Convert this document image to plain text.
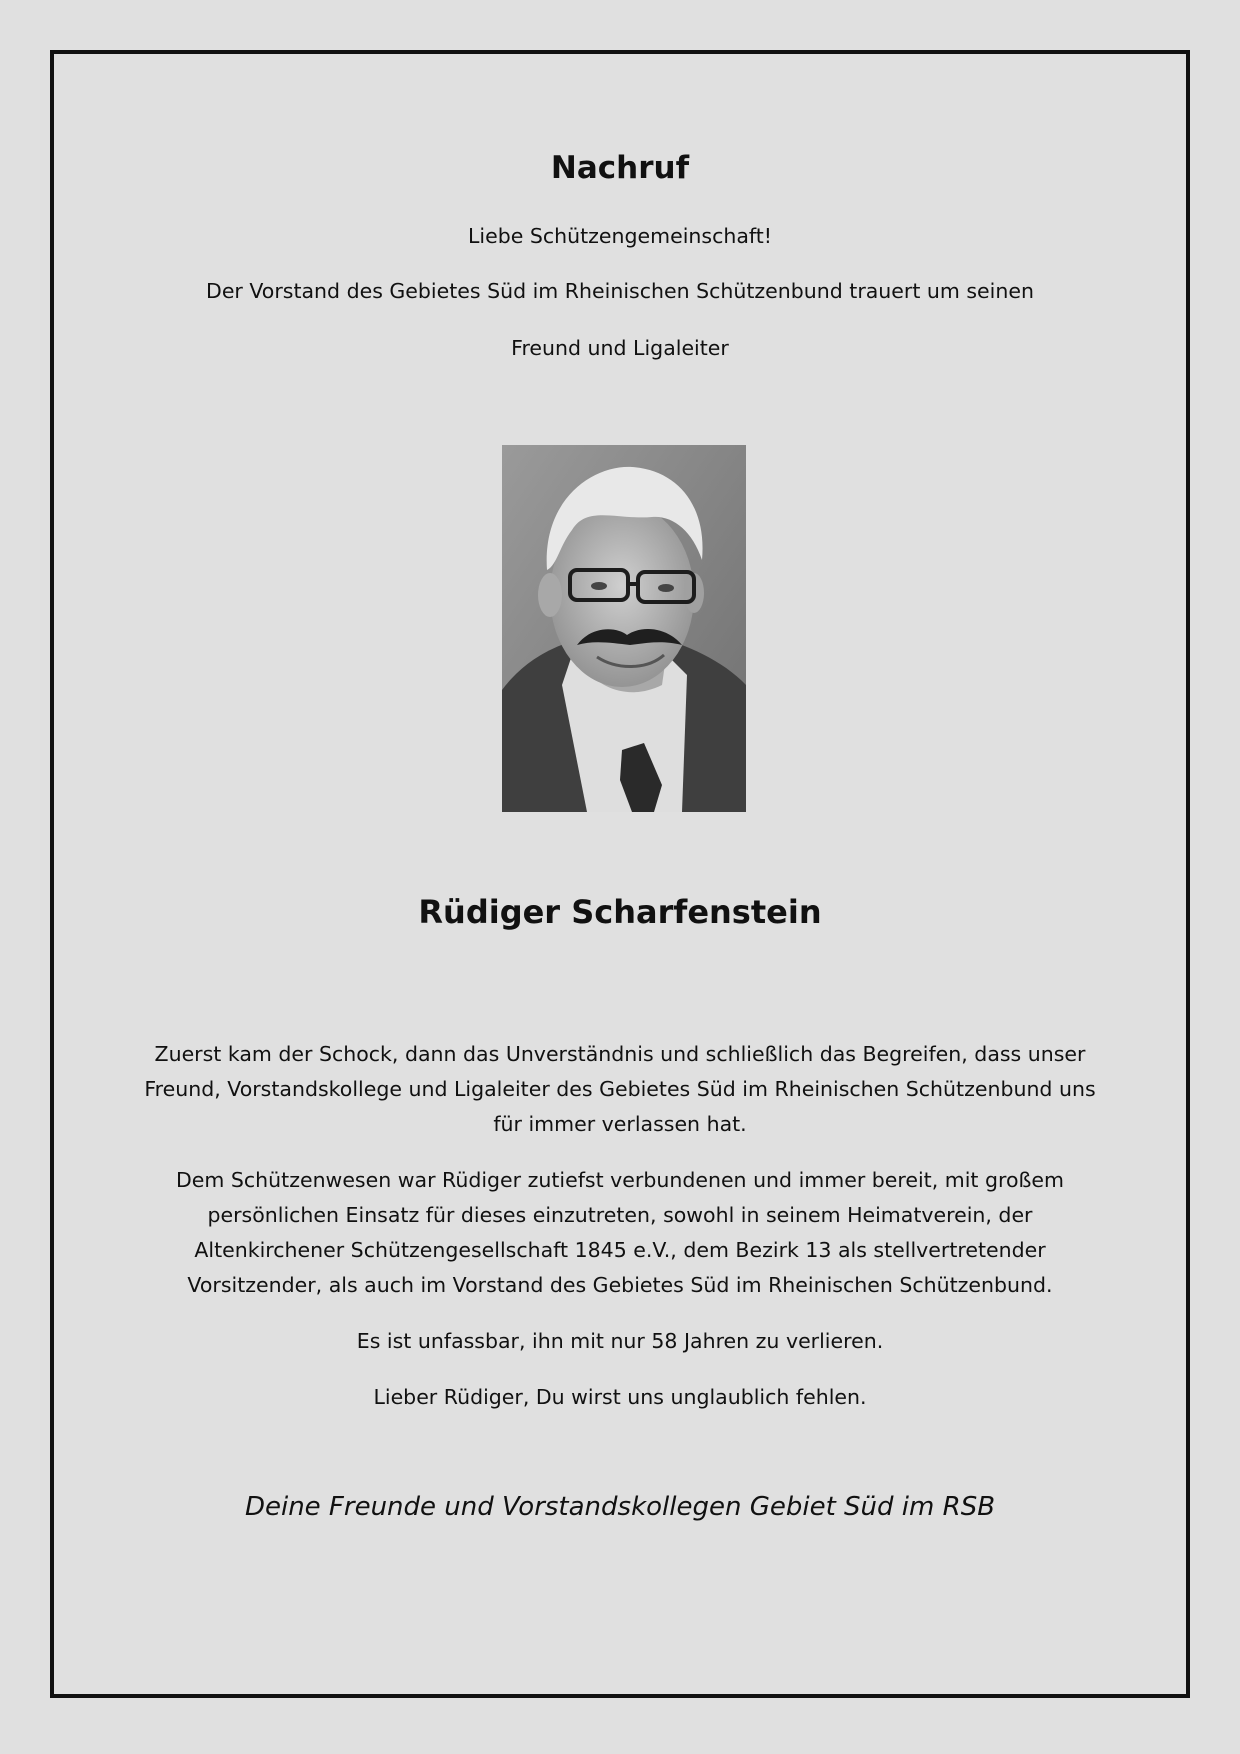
Nachruf

Liebe Schützengemeinschaft!

Der Vorstand des Gebietes Süd im Rheinischen Schützenbund trauert um seinen

Freund und Ligaleiter

Rüdiger Scharfenstein

Zuerst kam der Schock, dann das Unverständnis und schließlich das Begreifen, dass unser Freund, Vorstandskollege und Ligaleiter des Gebietes Süd im Rheinischen Schützenbund uns für immer verlassen hat.

Dem Schützenwesen war Rüdiger zutiefst verbundenen und immer bereit, mit großem persönlichen Einsatz für dieses einzutreten, sowohl in seinem Heimatverein, der Altenkirchener Schützengesellschaft 1845 e.V., dem Bezirk 13 als stellvertretender Vorsitzender, als auch im Vorstand des Gebietes Süd im Rheinischen Schützenbund.

Es ist unfassbar, ihn mit nur 58 Jahren zu verlieren.

Lieber Rüdiger, Du wirst uns unglaublich fehlen.

Deine Freunde und Vorstandskollegen Gebiet Süd im RSB
